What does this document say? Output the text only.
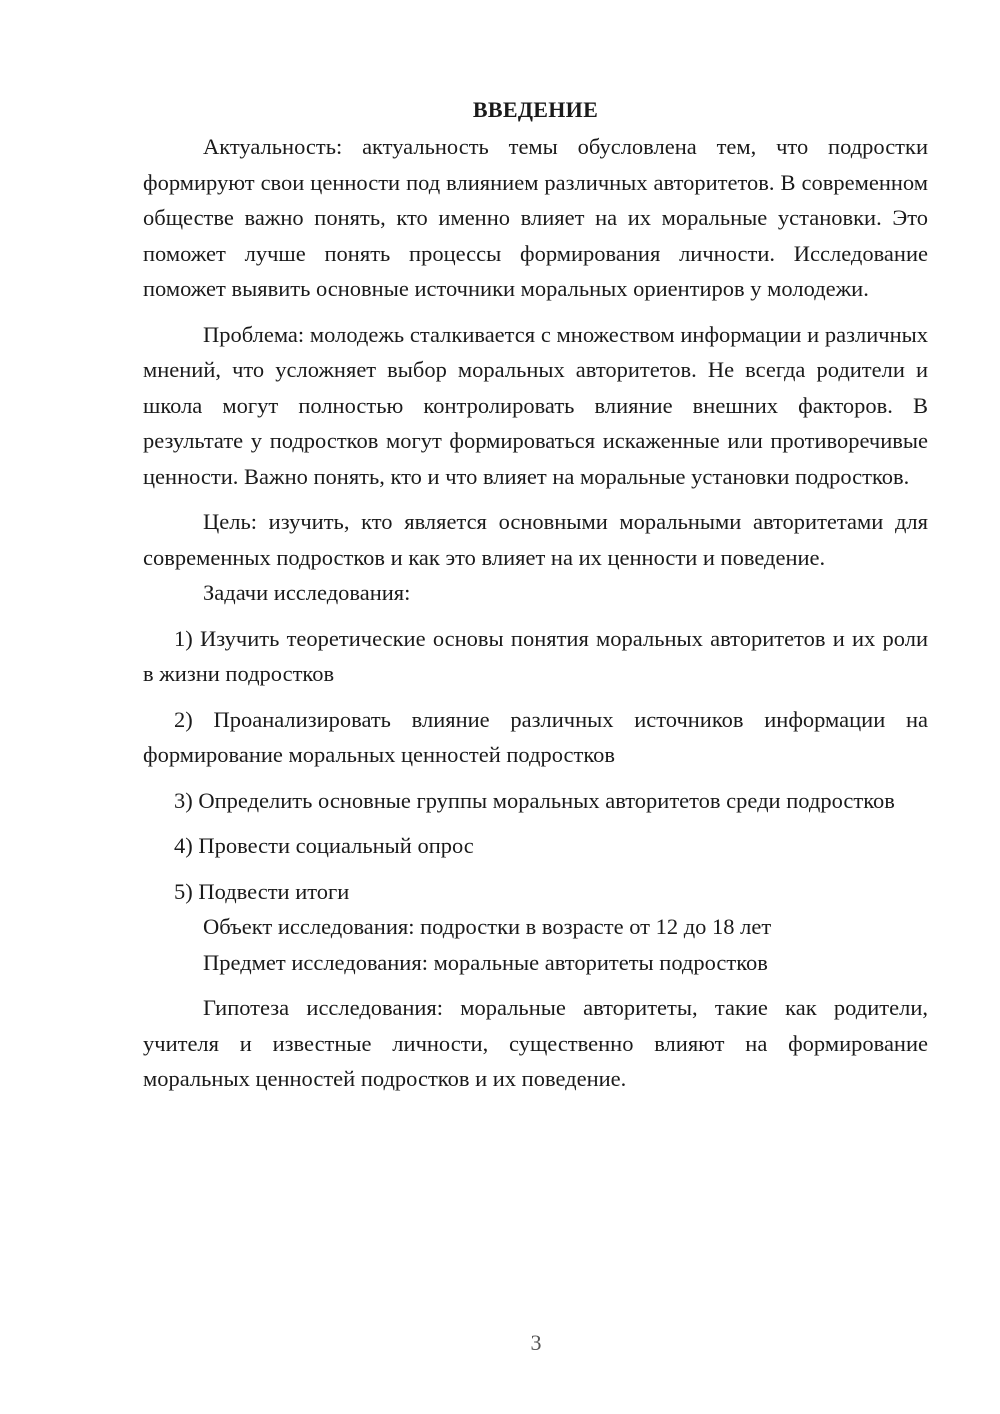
ВВЕДЕНИЕ

Актуальность: актуальность темы обусловлена тем, что подростки формируют свои ценности под влиянием различных авторитетов. В современном обществе важно понять, кто именно влияет на их моральные установки. Это поможет лучше понять процессы формирования личности. Исследование поможет выявить основные источники моральных ориентиров у молодежи.

Проблема: молодежь сталкивается с множеством информации и различных мнений, что усложняет выбор моральных авторитетов. Не всегда родители и школа могут полностью контролировать влияние внешних факторов. В результате у подростков могут формироваться искаженные или противоречивые ценности. Важно понять, кто и что влияет на моральные установки подростков.

Цель: изучить, кто является основными моральными авторитетами для современных подростков и как это влияет на их ценности и поведение.

Задачи исследования:

1) Изучить теоретические основы понятия моральных авторитетов и их роли в жизни подростков

2) Проанализировать влияние различных источников информации на формирование моральных ценностей подростков

3) Определить основные группы моральных авторитетов среди подростков

4) Провести социальный опрос

5) Подвести итоги

Объект исследования: подростки в возрасте от 12 до 18 лет

Предмет исследования: моральные авторитеты подростков

Гипотеза исследования: моральные авторитеты, такие как родители, учителя и известные личности, существенно влияют на формирование моральных ценностей подростков и их поведение.

3
